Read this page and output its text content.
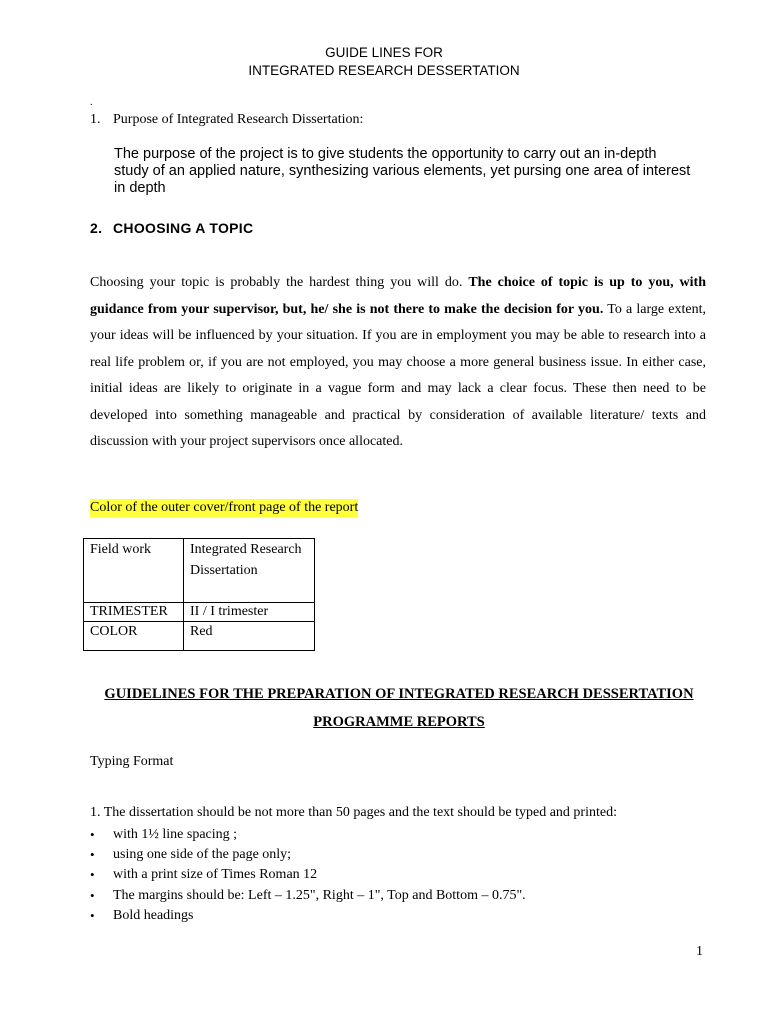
GUIDE LINES FOR
INTEGRATED RESEARCH DESSERTATION
.
1. Purpose of Integrated Research Dissertation:
The purpose of the project is to give students the opportunity to carry out an in-depth study of an applied nature, synthesizing various elements, yet pursing one area of interest in depth
2. CHOOSING A TOPIC
Choosing your topic is probably the hardest thing you will do. The choice of topic is up to you, with guidance from your supervisor, but, he/ she is not there to make the decision for you. To a large extent, your ideas will be influenced by your situation. If you are in employment you may be able to research into a real life problem or, if you are not employed, you may choose a more general business issue. In either case, initial ideas are likely to originate in a vague form and may lack a clear focus. These then need to be developed into something manageable and practical by consideration of available literature/ texts and discussion with your project supervisors once allocated.
Color of the outer cover/front page of the report
Field work	Integrated Research Dissertation
TRIMESTER	II / I trimester
COLOR	Red
GUIDELINES FOR THE PREPARATION OF INTEGRATED RESEARCH DESSERTATION
PROGRAMME REPORTS
Typing Format
1. The dissertation should be not more than 50 pages and the text should be typed and printed:
•	with 1½ line spacing ;
•	using one side of the page only;
•	with a print size of Times Roman 12
•	The margins should be: Left – 1.25", Right – 1", Top and Bottom – 0.75".
•	Bold headings
1
